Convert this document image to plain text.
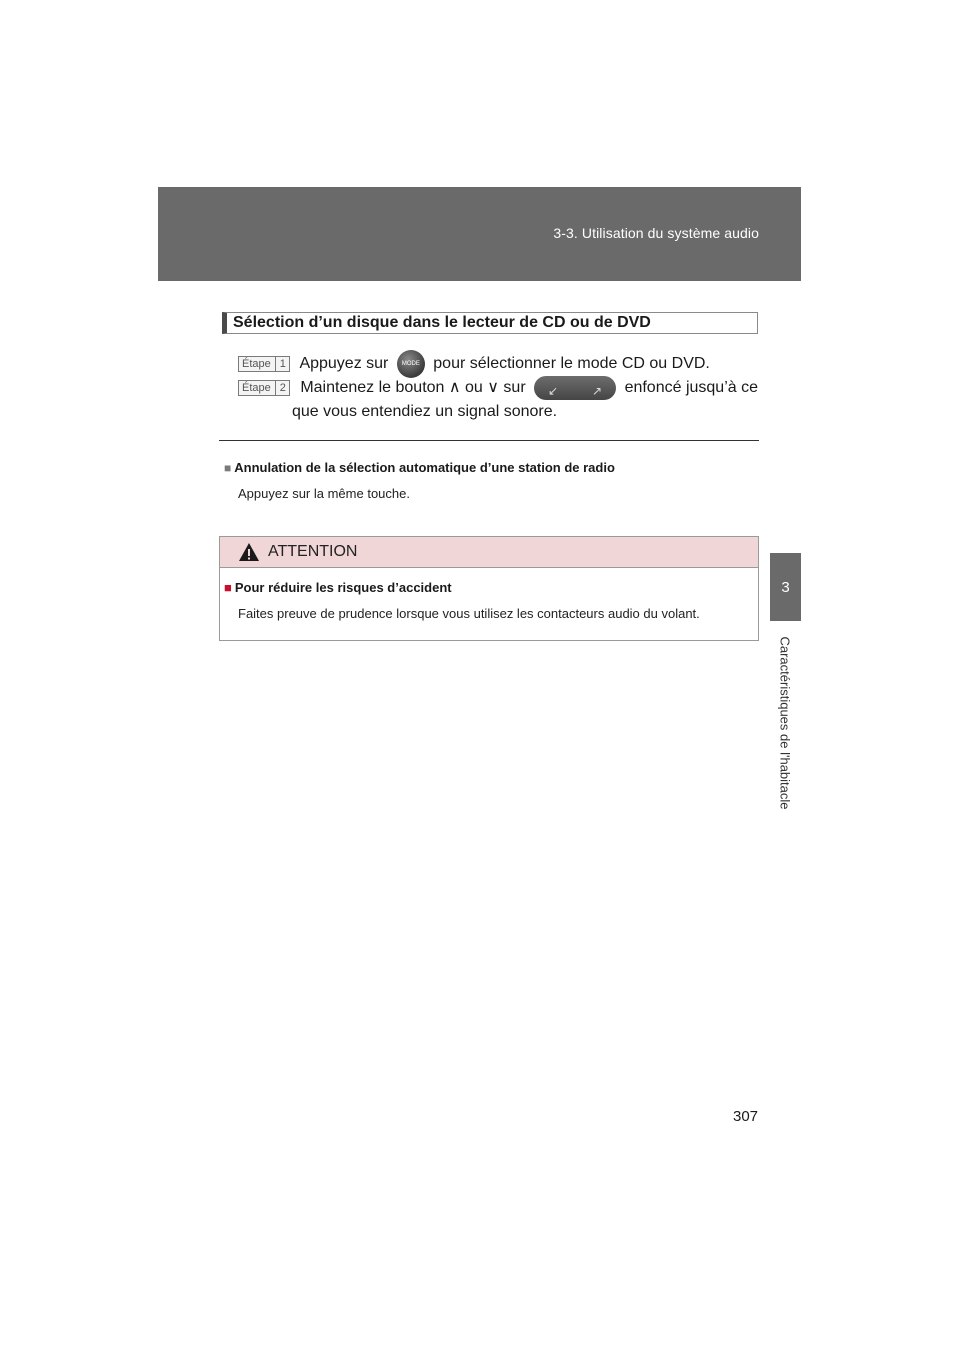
3-3. Utilisation du système audio
3
Caractéristiques de l'habitacle
Sélection d’un disque dans le lecteur de CD ou de DVD
Étape 1 Appuyez sur MODE pour sélectionner le mode CD ou DVD.
Étape 2 Maintenez le bouton ∧ ou ∨ sur ↙	↗ enfoncé jusqu’à ce
que vous entendiez un signal sonore.
■ Annulation de la sélection automatique d’une station de radio
Appuyez sur la même touche.
ATTENTION
■ Pour réduire les risques d’accident
Faites preuve de prudence lorsque vous utilisez les contacteurs audio du volant.
307
